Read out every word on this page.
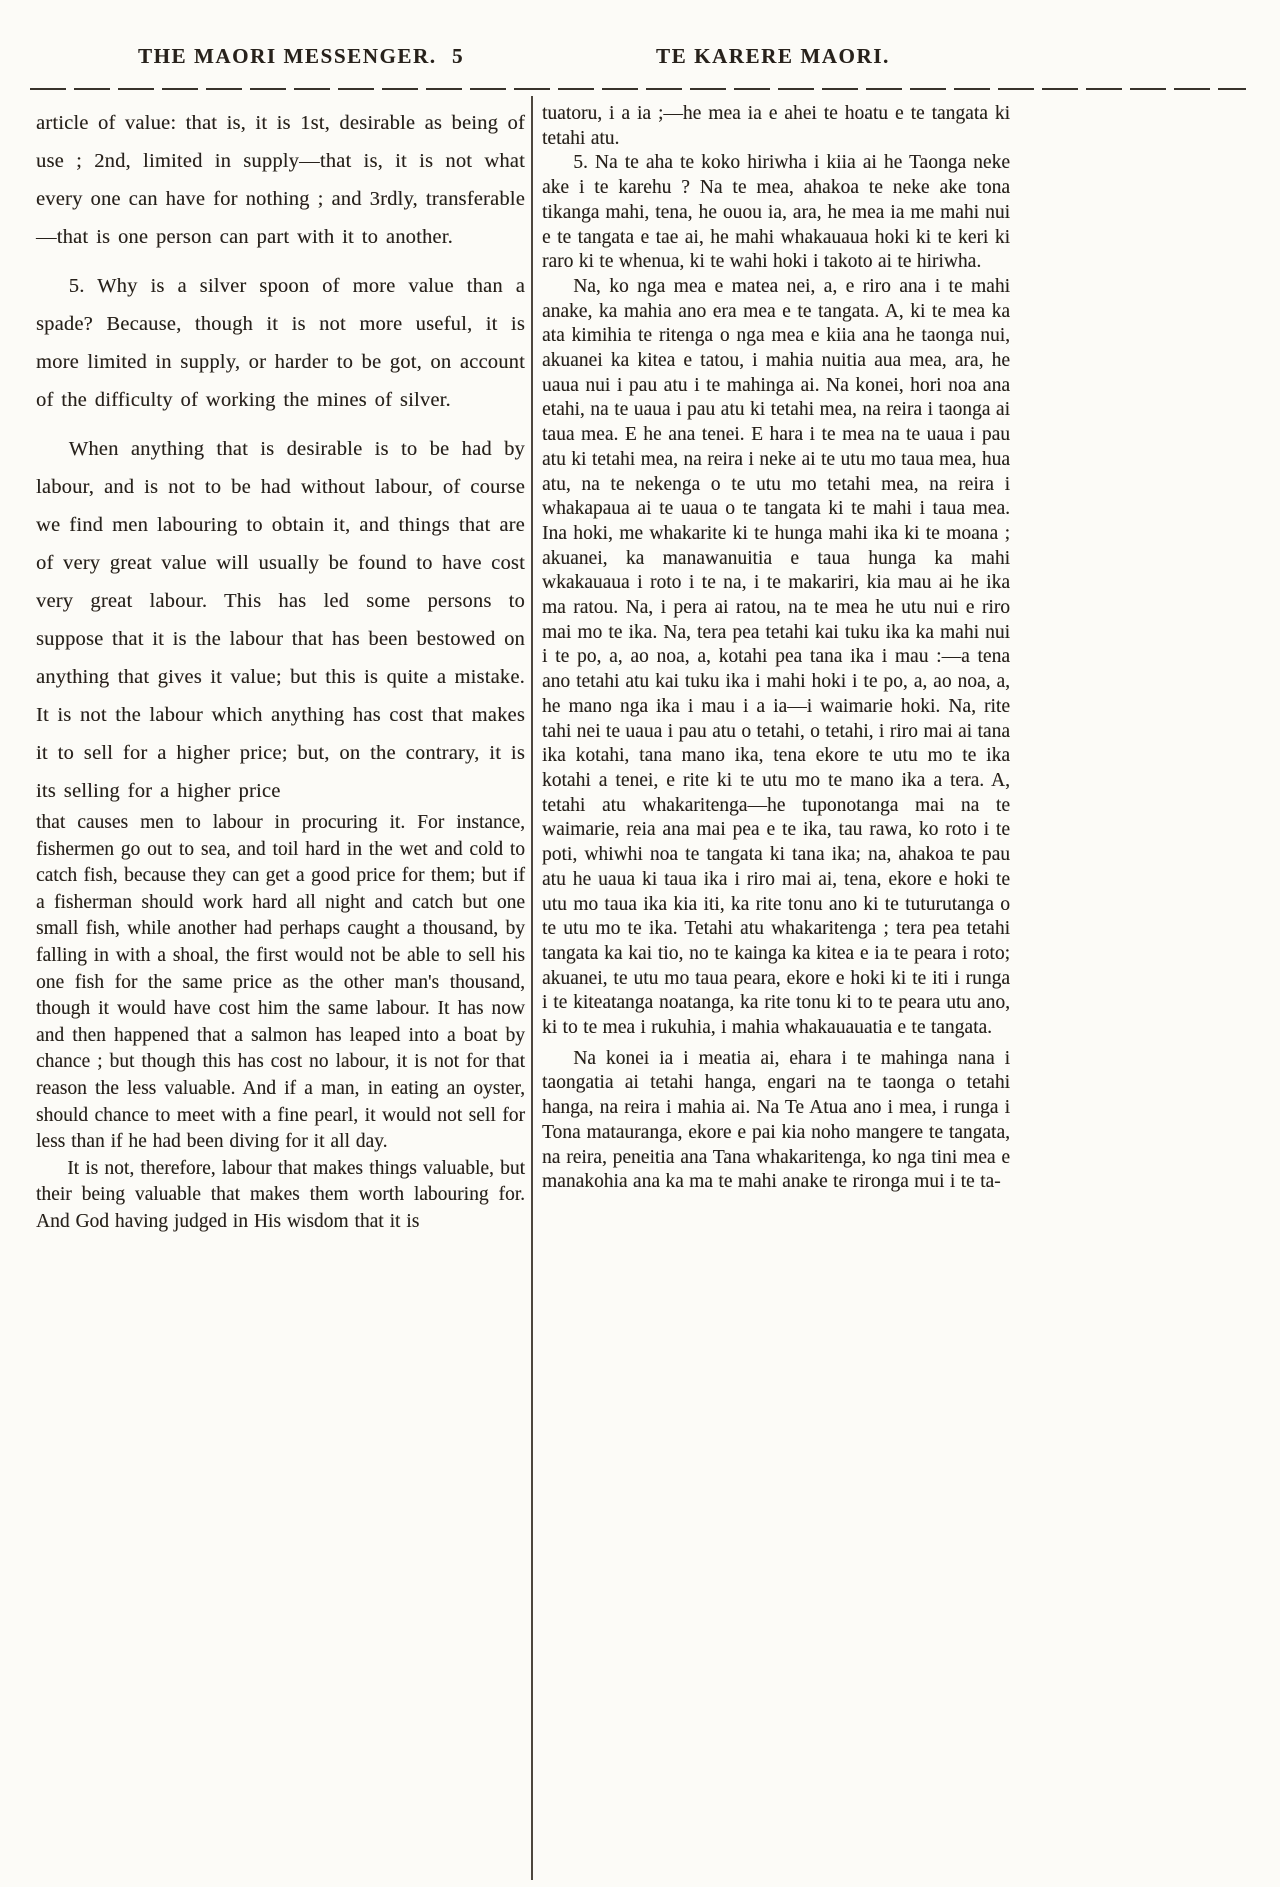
THE MAORI MESSENGER. 5	TE KARERE MAORI.

article of value: that is, it is 1st, desirable as being of use ; 2nd, limited in supply—that is, it is not what every one can have for nothing ; and 3rdly, transferable—that is one person can part with it to another.

5. Why is a silver spoon of more value than a spade? Because, though it is not more useful, it is more limited in supply, or harder to be got, on account of the difficulty of working the mines of silver.

When anything that is desirable is to be had by labour, and is not to be had without labour, of course we find men labouring to obtain it, and things that are of very great value will usually be found to have cost very great labour. This has led some persons to suppose that it is the labour that has been bestowed on anything that gives it value; but this is quite a mistake. It is not the labour which anything has cost that makes it to sell for a higher price; but, on the contrary, it is its selling for a higher price

that causes men to labour in procuring it. For instance, fishermen go out to sea, and toil hard in the wet and cold to catch fish, because they can get a good price for them; but if a fisherman should work hard all night and catch but one small fish, while another had perhaps caught a thousand, by falling in with a shoal, the first would not be able to sell his one fish for the same price as the other man's thousand, though it would have cost him the same labour. It has now and then happened that a salmon has leaped into a boat by chance ; but though this has cost no labour, it is not for that reason the less valuable. And if a man, in eating an oyster, should chance to meet with a fine pearl, it would not sell for less than if he had been diving for it all day.

It is not, therefore, labour that makes things valuable, but their being valuable that makes them worth labouring for. And God having judged in His wisdom that it is

tuatoru, i a ia ;—he mea ia e ahei te hoatu e te tangata ki tetahi atu.

5. Na te aha te koko hiriwha i kiia ai he Taonga neke ake i te karehu ? Na te mea, ahakoa te neke ake tona tikanga mahi, tena, he ouou ia, ara, he mea ia me mahi nui e te tangata e tae ai, he mahi whakauaua hoki ki te keri ki raro ki te whenua, ki te wahi hoki i takoto ai te hiriwha.

Na, ko nga mea e matea nei, a, e riro ana i te mahi anake, ka mahia ano era mea e te tangata. A, ki te mea ka ata kimihia te ritenga o nga mea e kiia ana he taonga nui, akuanei ka kitea e tatou, i mahia nuitia aua mea, ara, he uaua nui i pau atu i te mahinga ai. Na konei, hori noa ana etahi, na te uaua i pau atu ki tetahi mea, na reira i taonga ai taua mea. E he ana tenei. E hara i te mea na te uaua i pau atu ki tetahi mea, na reira i neke ai te utu mo taua mea, hua atu, na te nekenga o te utu mo tetahi mea, na reira i whakapaua ai te uaua o te tangata ki te mahi i taua mea. Ina hoki, me whakarite ki te hunga mahi ika ki te moana ; akuanei, ka manawanuitia e taua hunga ka mahi wkakauaua i roto i te na, i te makariri, kia mau ai he ika ma ratou. Na, i pera ai ratou, na te mea he utu nui e riro mai mo te ika. Na, tera pea tetahi kai tuku ika ka mahi nui i te po, a, ao noa, a, kotahi pea tana ika i mau :—a tena ano tetahi atu kai tuku ika i mahi hoki i te po, a, ao noa, a, he mano nga ika i mau i a ia—i waimarie hoki. Na, rite tahi nei te uaua i pau atu o tetahi, o tetahi, i riro mai ai tana ika kotahi, tana mano ika, tena ekore te utu mo te ika kotahi a tenei, e rite ki te utu mo te mano ika a tera. A, tetahi atu whakaritenga—he tuponotanga mai na te waimarie, reia ana mai pea e te ika, tau rawa, ko roto i te poti, whiwhi noa te tangata ki tana ika; na, ahakoa te pau atu he uaua ki taua ika i riro mai ai, tena, ekore e hoki te utu mo taua ika kia iti, ka rite tonu ano ki te tuturutanga o te utu mo te ika. Tetahi atu whakaritenga ; tera pea tetahi tangata ka kai tio, no te kainga ka kitea e ia te peara i roto; akuanei, te utu mo taua peara, ekore e hoki ki te iti i runga i te kiteatanga noatanga, ka rite tonu ki to te peara utu ano, ki to te mea i rukuhia, i mahia whakauauatia e te tangata.

Na konei ia i meatia ai, ehara i te mahinga nana i taongatia ai tetahi hanga, engari na te taonga o tetahi hanga, na reira i mahia ai. Na Te Atua ano i mea, i runga i Tona matauranga, ekore e pai kia noho mangere te tangata, na reira, peneitia ana Tana whakaritenga, ko nga tini mea e manakohia ana ka ma te mahi anake te rironga mui i te ta-
